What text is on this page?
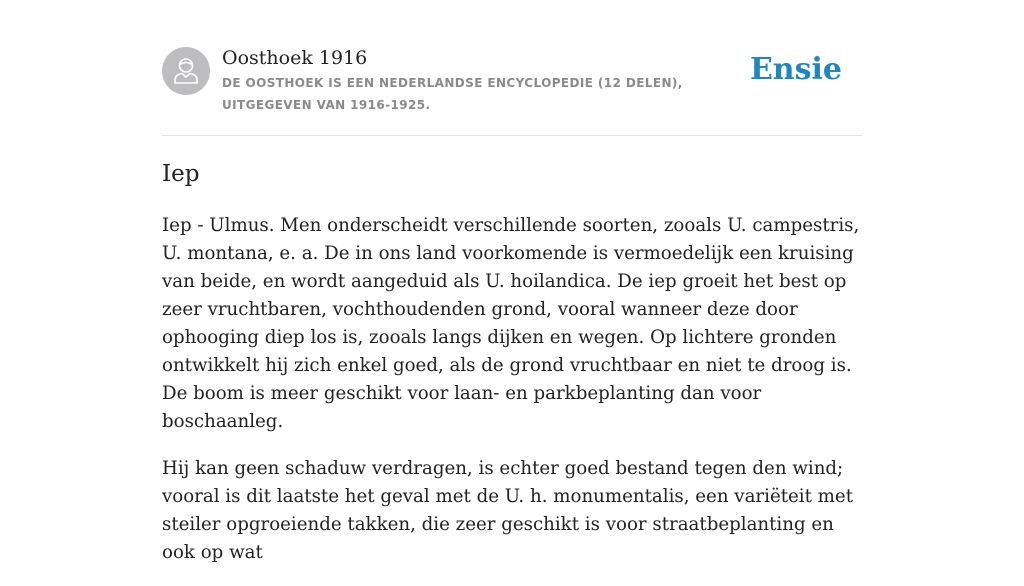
Oosthoek 1916
DE OOSTHOEK IS EEN NEDERLANDSE ENCYCLOPEDIE (12 DELEN), UITGEGEVEN VAN 1916-1925.
Ensie
Iep

Iep - Ulmus. Men onderscheidt verschillende soorten, zooals U. campestris, U. montana, e. a. De in ons land voorkomende is vermoedelijk een kruising van beide, en wordt aangeduid als U. hoilandica. De iep groeit het best op zeer vruchtbaren, vochthoudenden grond, vooral wanneer deze door ophooging diep los is, zooals langs dijken en wegen. Op lichtere gronden ontwikkelt hij zich enkel goed, als de grond vruchtbaar en niet te droog is. De boom is meer geschikt voor laan- en parkbeplanting dan voor boschaanleg.

Hij kan geen schaduw verdragen, is echter goed bestand tegen den wind; vooral is dit laatste het geval met de U. h. monumentalis, een variëteit met steiler opgroeiende takken, die zeer geschikt is voor straatbeplanting en ook op wat
